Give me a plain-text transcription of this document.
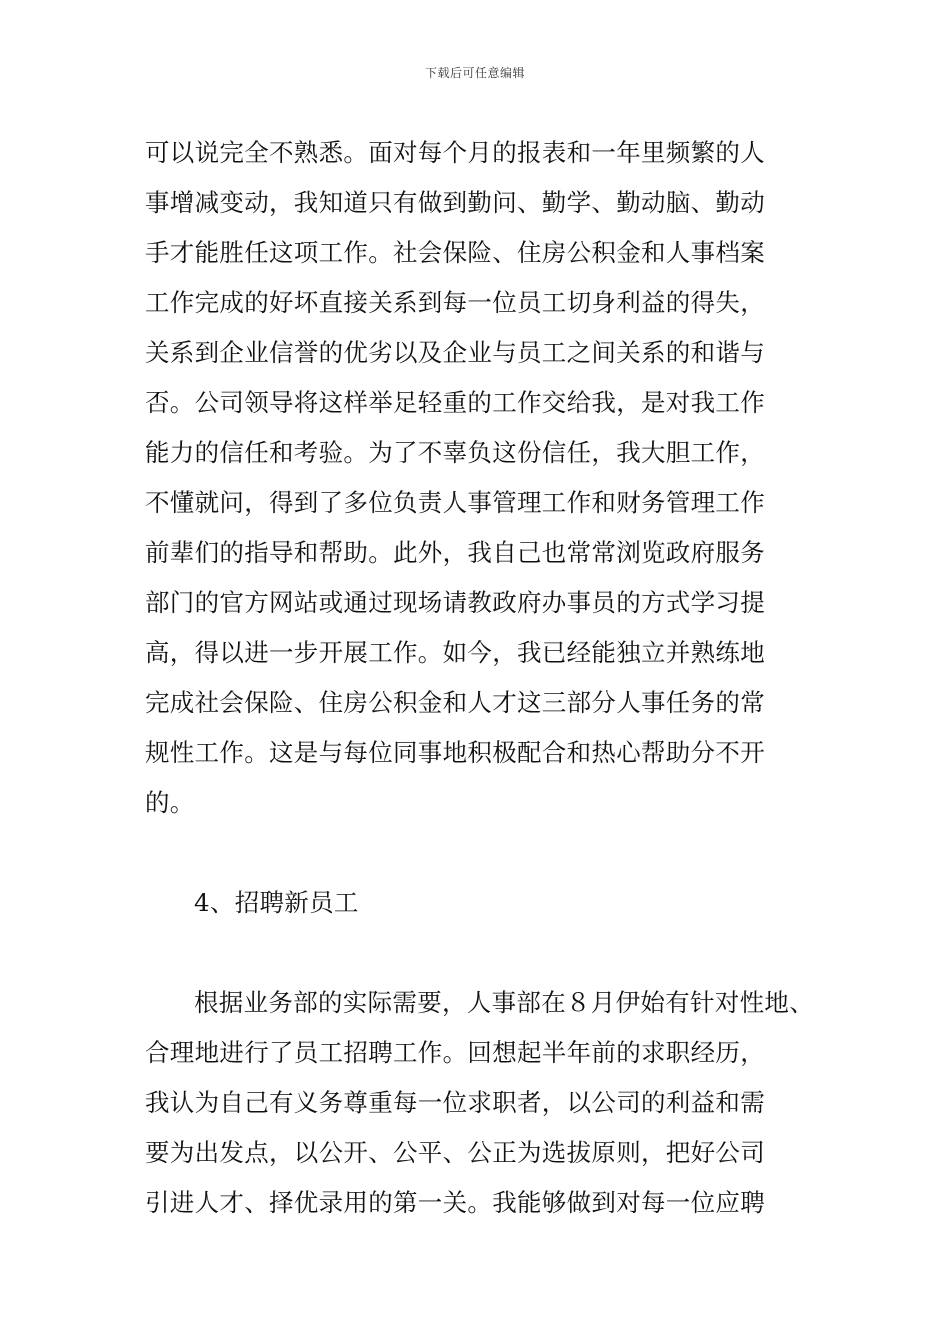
下载后可任意编辑
可以说完全不熟悉。面对每个月的报表和一年里频繁的人
事增减变动，我知道只有做到勤问、勤学、勤动脑、勤动
手才能胜任这项工作。社会保险、住房公积金和人事档案
工作完成的好坏直接关系到每一位员工切身利益的得失，
关系到企业信誉的优劣以及企业与员工之间关系的和谐与
否。公司领导将这样举足轻重的工作交给我，是对我工作
能力的信任和考验。为了不辜负这份信任，我大胆工作，
不懂就问，得到了多位负责人事管理工作和财务管理工作
前辈们的指导和帮助。此外，我自己也常常浏览政府服务
部门的官方网站或通过现场请教政府办事员的方式学习提
高，得以进一步开展工作。如今，我已经能独立并熟练地
完成社会保险、住房公积金和人才这三部分人事任务的常
规性工作。这是与每位同事地积极配合和热心帮助分不开
的。
4、招聘新员工
根据业务部的实际需要，人事部在８月伊始有针对性地、
合理地进行了员工招聘工作。回想起半年前的求职经历，
我认为自己有义务尊重每一位求职者，以公司的利益和需
要为出发点，以公开、公平、公正为选拔原则，把好公司
引进人才、择优录用的第一关。我能够做到对每一位应聘
